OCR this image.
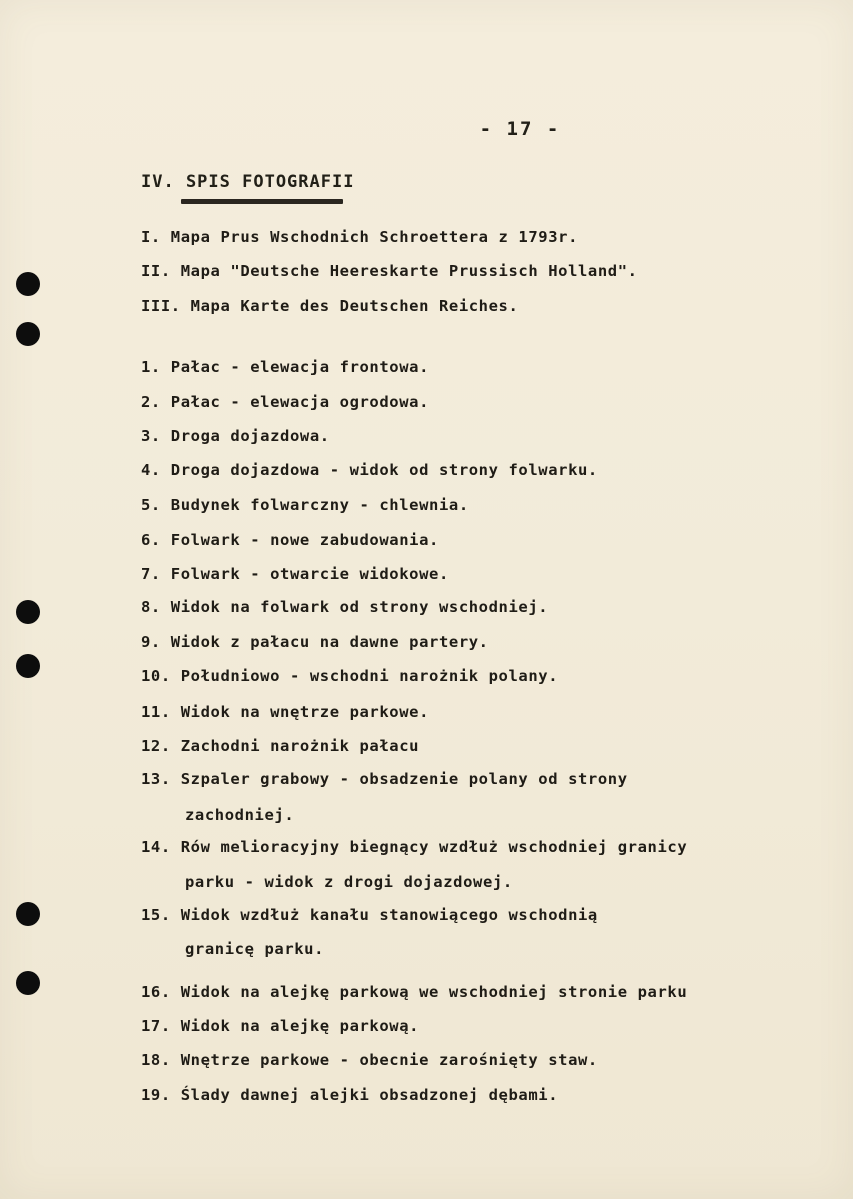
- 17 -
IV. SPIS FOTOGRAFII
I. Mapa Prus Wschodnich Schroettera z 1793r.
II. Mapa "Deutsche Heereskarte Prussisch Holland".
III. Mapa Karte des Deutschen Reiches.
1. Pałac - elewacja frontowa.
2. Pałac - elewacja ogrodowa.
3. Droga dojazdowa.
4. Droga dojazdowa - widok od strony folwarku.
5. Budynek folwarczny - chlewnia.
6. Folwark - nowe zabudowania.
7. Folwark - otwarcie widokowe.
8. Widok na folwark od strony wschodniej.
9. Widok z pałacu na dawne partery.
10. Południowo - wschodni narożnik polany.
11. Widok na wnętrze parkowe.
12. Zachodni narożnik pałacu
13. Szpaler grabowy - obsadzenie polany od strony
zachodniej.
14. Rów melioracyjny biegnący wzdłuż wschodniej granicy
parku - widok z drogi dojazdowej.
15. Widok wzdłuż kanału stanowiącego wschodnią
granicę parku.
16. Widok na alejkę parkową we wschodniej stronie parku
17. Widok na alejkę parkową.
18. Wnętrze parkowe - obecnie zarośnięty staw.
19. Ślady dawnej alejki obsadzonej dębami.
